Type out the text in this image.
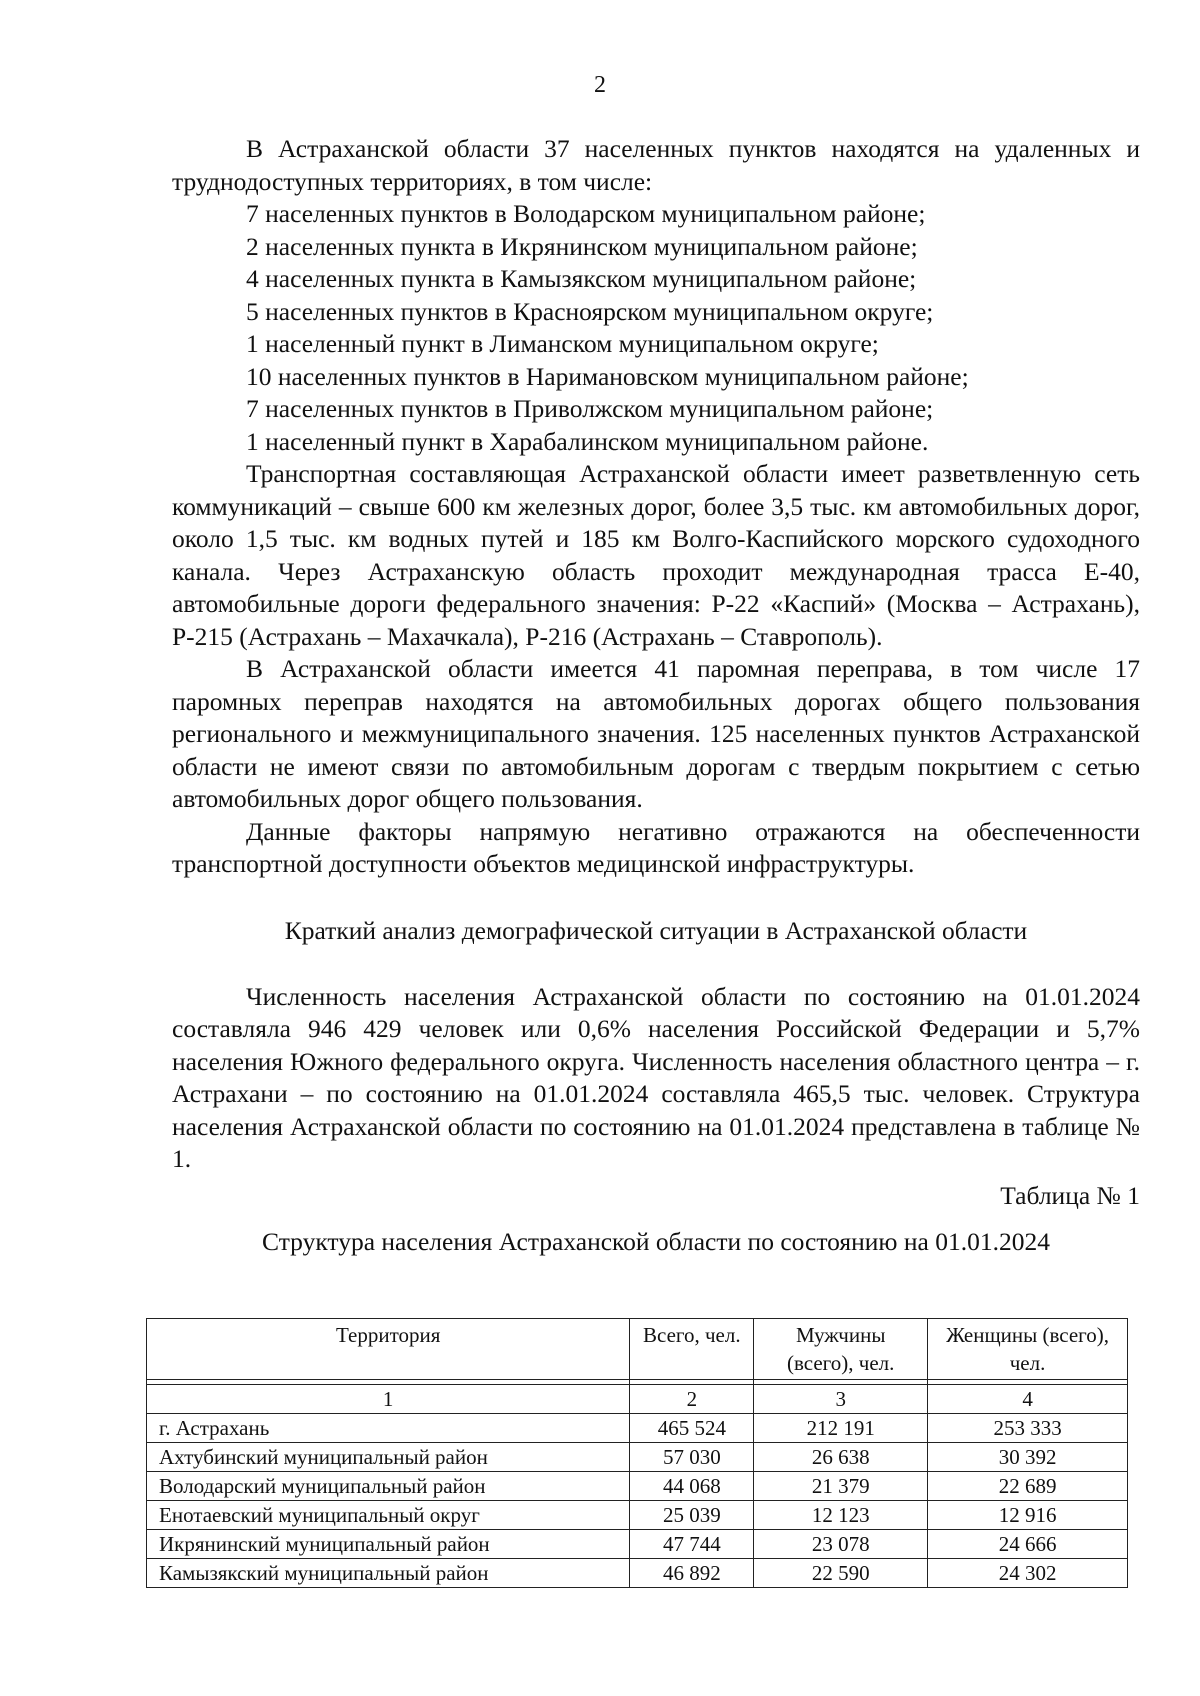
2

В Астраханской области 37 населенных пунктов находятся на удаленных и труднодоступных территориях, в том числе:

7 населенных пунктов в Володарском муниципальном районе;

2 населенных пункта в Икрянинском муниципальном районе;

4 населенных пункта в Камызякском муниципальном районе;

5 населенных пунктов в Красноярском муниципальном округе;

1 населенный пункт в Лиманском муниципальном округе;

10 населенных пунктов в Наримановском муниципальном районе;

7 населенных пунктов в Приволжском муниципальном районе;

1 населенный пункт в Харабалинском муниципальном районе.

Транспортная составляющая Астраханской области имеет разветвленную сеть коммуникаций – свыше 600 км железных дорог, более 3,5 тыс. км автомобильных дорог, около 1,5 тыс. км водных путей и 185 км Волго-Каспийского морского судоходного канала. Через Астраханскую область проходит международная трасса Е-40, автомобильные дороги федерального значения: Р-22 «Каспий» (Москва – Астрахань), Р-215 (Астрахань – Махачкала), Р-216 (Астрахань – Ставрополь).

В Астраханской области имеется 41 паромная переправа, в том числе 17 паромных переправ находятся на автомобильных дорогах общего пользования регионального и межмуниципального значения. 125 населенных пунктов Астраханской области не имеют связи по автомобильным дорогам с твердым покрытием с сетью автомобильных дорог общего пользования.

Данные факторы напрямую негативно отражаются на обеспеченности транспортной доступности объектов медицинской инфраструктуры.

Краткий анализ демографической ситуации в Астраханской области

Численность населения Астраханской области по состоянию на 01.01.2024 составляла 946 429 человек или 0,6% населения Российской Федерации и 5,7% населения Южного федерального округа. Численность населения областного центра – г. Астрахани – по состоянию на 01.01.2024 составляла 465,5 тыс. человек. Структура населения Астраханской области по состоянию на 01.01.2024 представлена в таблице № 1.

Таблица № 1
Структура населения Астраханской области по состоянию на 01.01.2024
Территория	Всего, чел.	Мужчины (всего), чел.	Женщины (всего), чел.

1	2	3	4
г. Астрахань	465 524	212 191	253 333
Ахтубинский муниципальный район	57 030	26 638	30 392
Володарский муниципальный район	44 068	21 379	22 689
Енотаевский муниципальный округ	25 039	12 123	12 916
Икрянинский муниципальный район	47 744	23 078	24 666
Камызякский муниципальный район	46 892	22 590	24 302
